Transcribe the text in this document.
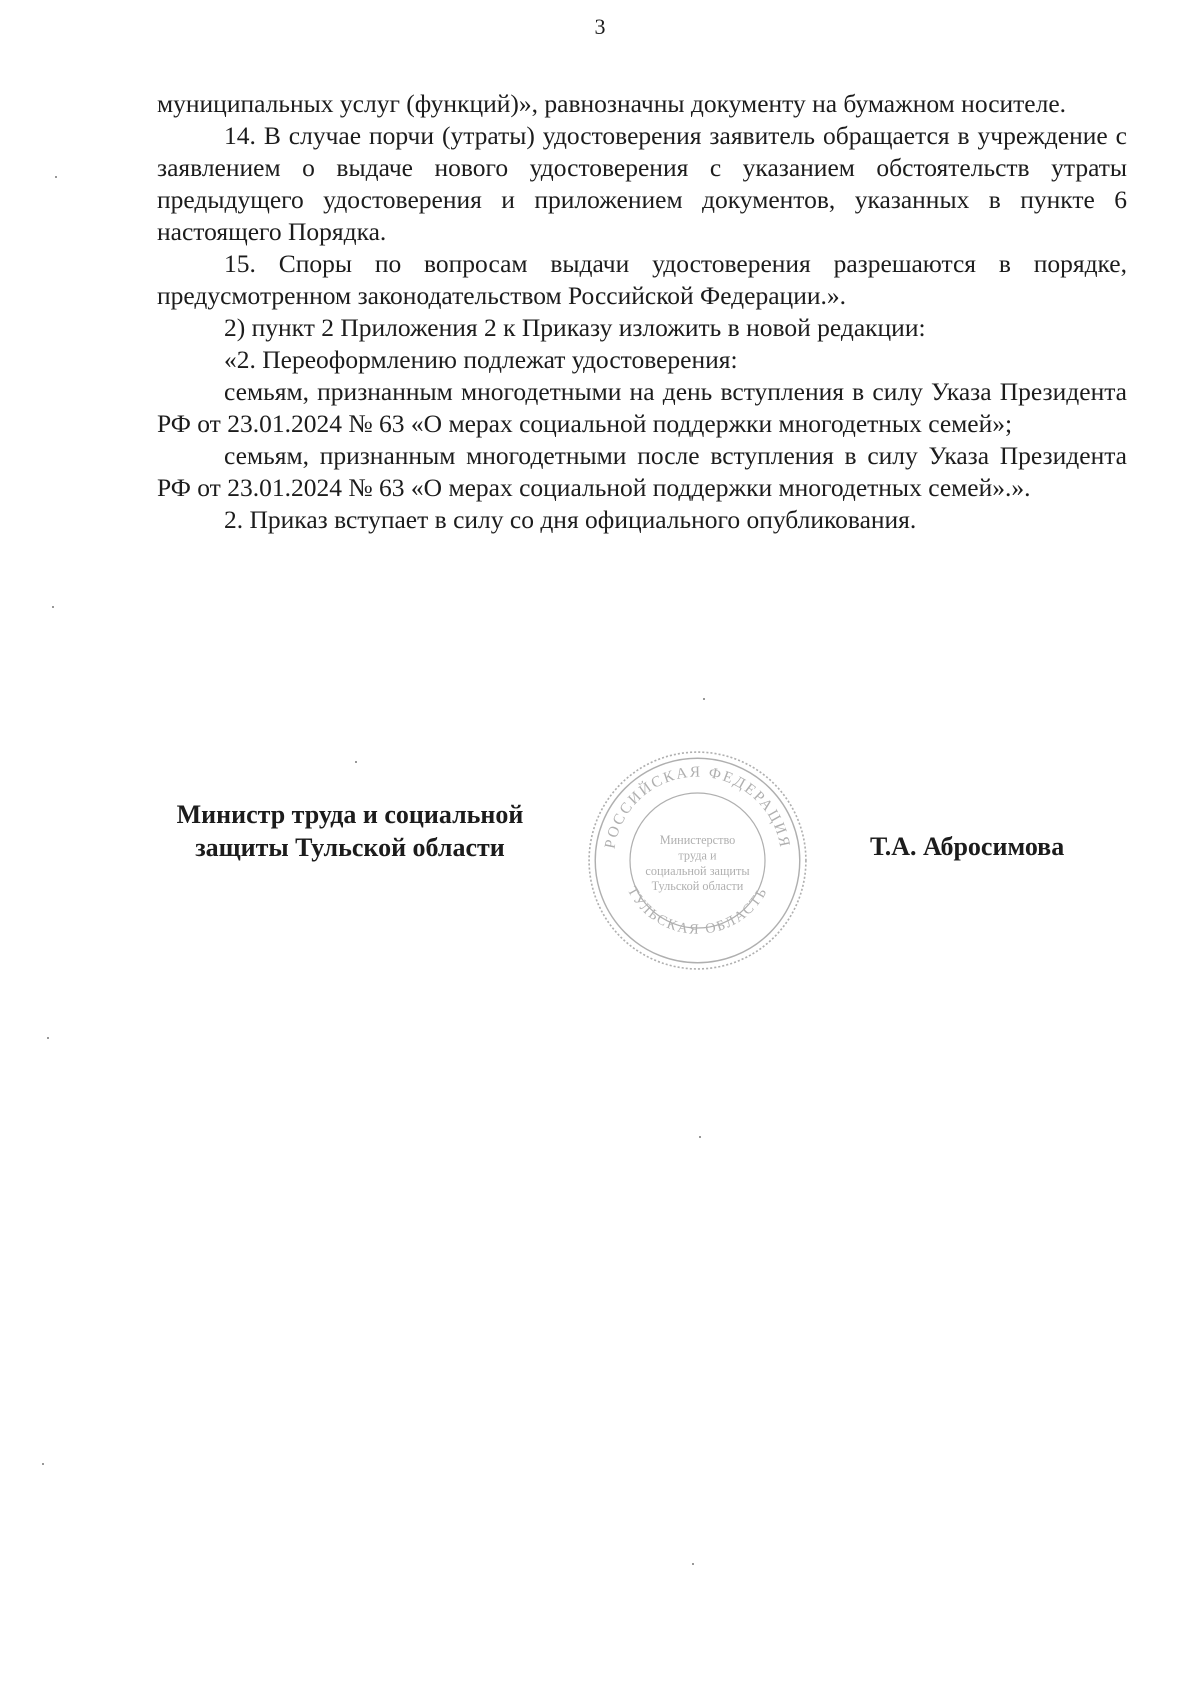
3

муниципальных услуг (функций)», равнозначны документу на бумажном носителе.

14. В случае порчи (утраты) удостоверения заявитель обращается в учреждение с заявлением о выдаче нового удостоверения с указанием обстоятельств утраты предыдущего удостоверения и приложением документов, указанных в пункте 6 настоящего Порядка.

15. Споры по вопросам выдачи удостоверения разрешаются в порядке, предусмотренном законодательством Российской Федерации.».

2) пункт 2 Приложения 2 к Приказу изложить в новой редакции:

«2. Переоформлению подлежат удостоверения:

семьям, признанным многодетными на день вступления в силу Указа Президента РФ от 23.01.2024 № 63 «О мерах социальной поддержки многодетных семей»;

семьям, признанным многодетными после вступления в силу Указа Президента РФ от 23.01.2024 № 63 «О мерах социальной поддержки многодетных семей».».

2. Приказ вступает в силу со дня официального опубликования.

Министр труда и социальной
защиты Тульской области	Т.А. Абросимова
РОССИЙСКАЯ ФЕДЕРАЦИЯ
ТУЛЬСКАЯ ОБЛАСТЬ
Министерство
труда и
социальной защиты
Тульской области
